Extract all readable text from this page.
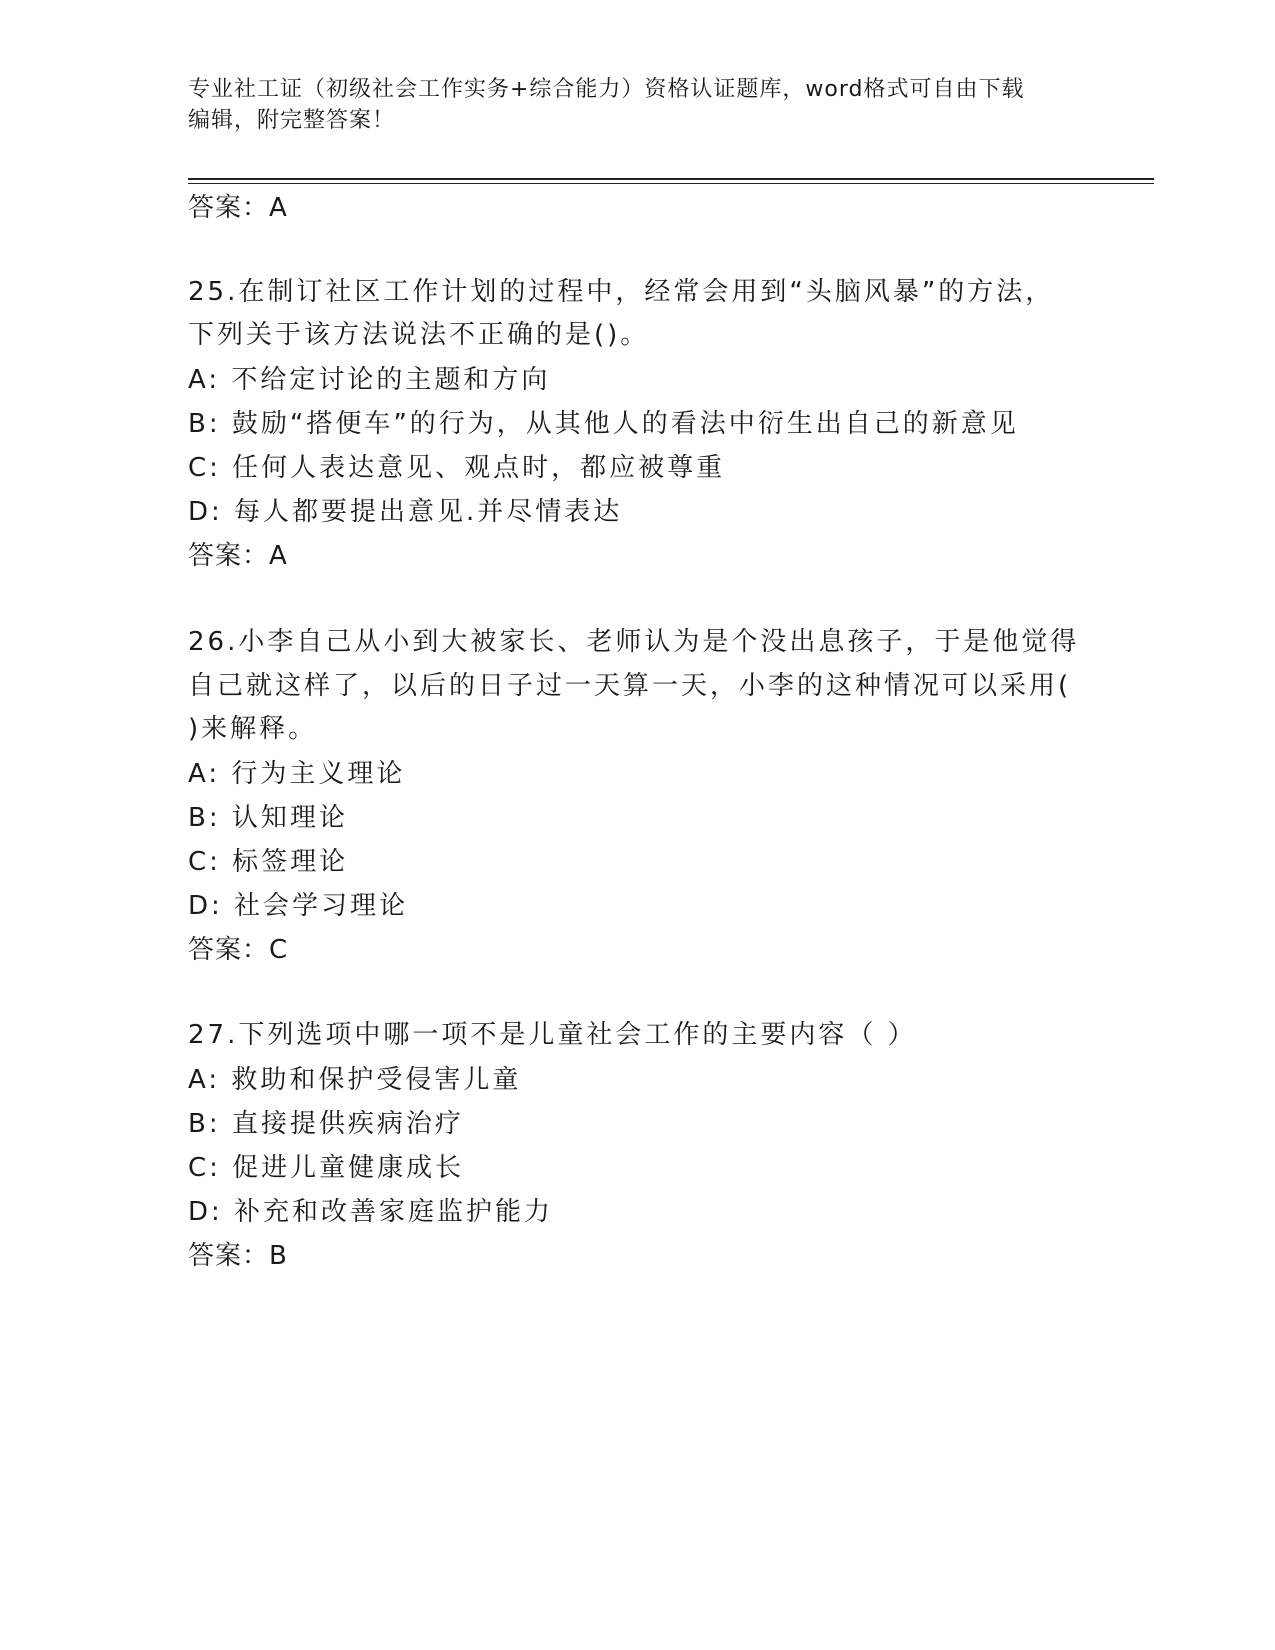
专业社工证（初级社会工作实务+综合能力）资格认证题库，word格式可自由下载
编辑，附完整答案！
答案：A
25.在制订社区工作计划的过程中，经常会用到“头脑风暴”的方法，
下列关于该方法说法不正确的是()。
A: 不给定讨论的主题和方向
B: 鼓励“搭便车”的行为，从其他人的看法中衍生出自己的新意见
C: 任何人表达意见、观点时，都应被尊重
D: 每人都要提出意见.并尽情表达
答案：A
26.小李自己从小到大被家长、老师认为是个没出息孩子，于是他觉得
自己就这样了，以后的日子过一天算一天，小李的这种情况可以采用(
)来解释。
A: 行为主义理论
B: 认知理论
C: 标签理论
D: 社会学习理论
答案：C
27.下列选项中哪一项不是儿童社会工作的主要内容（ ）
A: 救助和保护受侵害儿童
B: 直接提供疾病治疗
C: 促进儿童健康成长
D: 补充和改善家庭监护能力
答案：B
